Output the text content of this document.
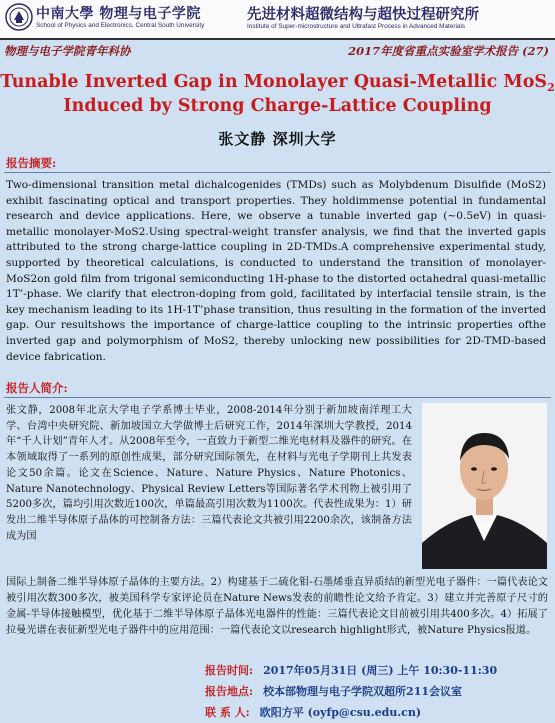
中南大學 物理与电子学院
School of Physics and Electronics, Central South University
先进材料超微结构与超快过程研究所
Institute of Super-microstructure and Ultrafast Process in Advanced Materials
物理与电子学院青年科协	2017年度省重点实验室学术报告 (27)
Tunable Inverted Gap in Monolayer Quasi-Metallic MoS$_2$
Induced by Strong Charge-Lattice Coupling
张文静 深圳大学
报告摘要:
Two-dimensional transition metal dichalcogenides (TMDs) such as Molybdenum Disulfide (MoS2) exhibit fascinating optical and transport properties. They holdimmense potential in fundamental research and device applications. Here, we observe a tunable inverted gap (~0.5eV) in quasi-metallic monolayer-MoS2.Using spectral-weight transfer analysis, we find that the inverted gapis attributed to the strong charge-lattice coupling in 2D-TMDs.A comprehensive experimental study, supported by theoretical calculations, is conducted to understand the transition of monolayer-MoS2on gold film from trigonal semiconducting 1H-phase to the distorted octahedral quasi-metallic 1T’-phase. We clarify that electron-doping from gold, facilitated by interfacial tensile strain, is the key mechanism leading to its 1H-1T’phase transition, thus resulting in the formation of the inverted gap. Our resultshows the importance of charge-lattice coupling to the intrinsic properties ofthe inverted gap and polymorphism of MoS2, thereby unlocking new possibilities for 2D-TMD-based device fabrication.
报告人简介:
张文静，2008年北京大学电子学系博士毕业，2008-2014年分别于新加坡南洋理工大学、台湾中央研究院、新加坡国立大学做博士后研究工作，2014年深圳大学教授，2014年“千人计划”青年人才。从2008年至今，一直致力于新型二维光电材料及器件的研究。在本领域取得了一系列的原创性成果，部分研究国际领先，在材料与光电子学期刊上共发表论文50余篇。论文在Science、Nature、Nature Physics、Nature Photonics、Nature Nanotechnology、Physical Review Letters等国际著名学术刊物上被引用了5200多次，篇均引用次数近100次，单篇最高引用次数为1100次。代表性成果为：1）研发出二维半导体原子晶体的可控制备方法：三篇代表论文共被引用2200余次，该制备方法成为国
国际上制备二维半导体原子晶体的主要方法。2）构建基于二硫化钼-石墨烯垂直异质结的新型光电子器件：一篇代表论文被引用次数300多次，被美国科学专家评论员在Nature News发表的前瞻性论文给予肯定。3）建立并完善原子尺寸的金属-半导体接触模型，优化基于二维半导体原子晶体光电器件的性能：三篇代表论文目前被引用共400多次。4）拓展了拉曼光谱在表征新型光电子器件中的应用范围：一篇代表论文以research highlight形式，被Nature Physics报道。
报告时间: 2017年05月31日 (周三) 上午 10:30-11:30
报告地点: 校本部物理与电子学院双超所211会议室
联 系 人: 欧阳方平 (oyfp@csu.edu.cn)
